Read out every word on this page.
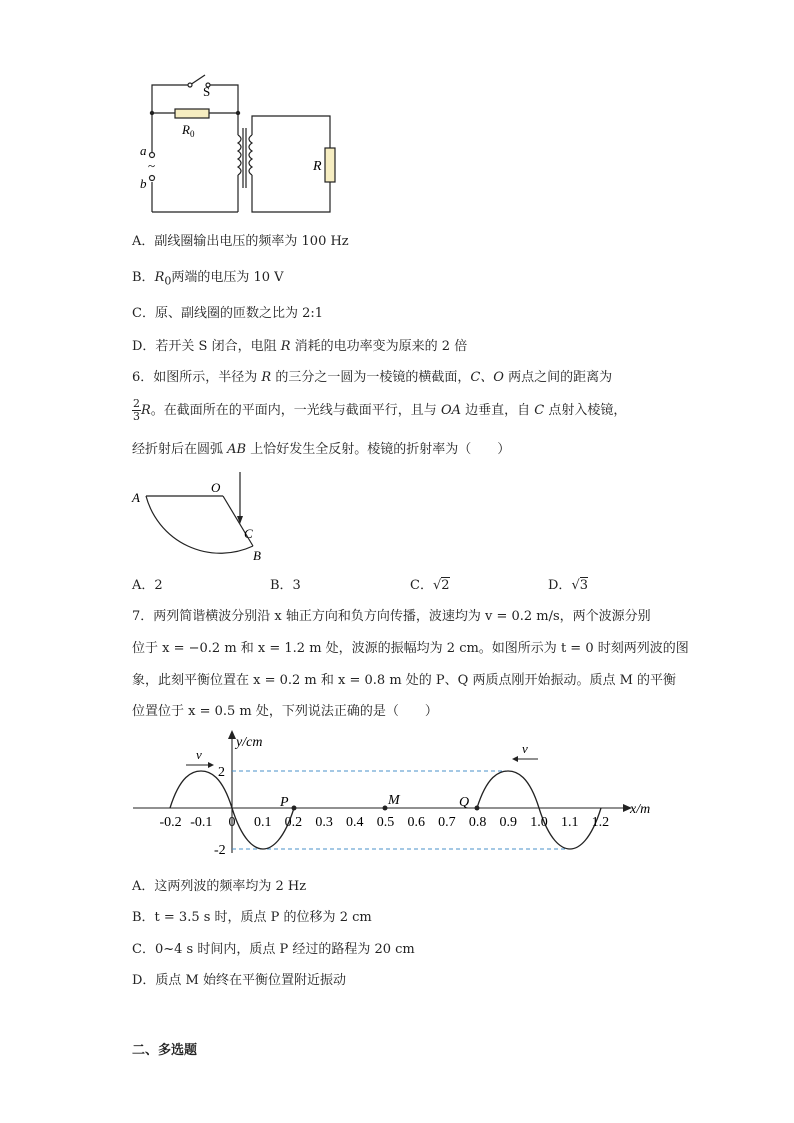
S
$R_0$
a
~
b
R
A．副线圈输出电压的频率为 100 Hz
B．$R_0$两端的电压为 10 V
C．原、副线圈的匝数之比为 2:1
D．若开关 S 闭合，电阻 R 消耗的电功率变为原来的 2 倍
6．如图所示，半径为 R 的三分之一圆为一棱镜的横截面，C、O 两点之间的距离为
$\frac{2}{3}$ R。在截面所在的平面内，一光线与截面平行，且与 OA 边垂直，自 C 点射入棱镜，
经折射后在圆弧 AB 上恰好发生全反射。棱镜的折射率为（　　）
A
O
C
B
A．2	B．3	C．√2	D．√3
7．两列简谐横波分别沿 x 轴正方向和负方向传播，波速均为 v = 0.2 m/s，两个波源分别
位于 x = −0.2 m 和 x = 1.2 m 处，波源的振幅均为 2 cm。如图所示为 t = 0 时刻两列波的图
象，此刻平衡位置在 x = 0.2 m 和 x = 0.8 m 处的 P、Q 两质点刚开始振动。质点 M 的平衡
位置位于 x = 0.5 m 处，下列说法正确的是（　　）
v	v
P	M	Q
y/cm
x/m
2
-2
-0.2 -0.1 0 0.1 0.2 0.3 0.4 0.5 0.6 0.7 0.8 0.9 1.0 1.1 1.2
A．这两列波的频率均为 2 Hz
B．t = 3.5 s 时，质点 P 的位移为 2 cm
C．0~4 s 时间内，质点 P 经过的路程为 20 cm
D．质点 M 始终在平衡位置附近振动
二、多选题
